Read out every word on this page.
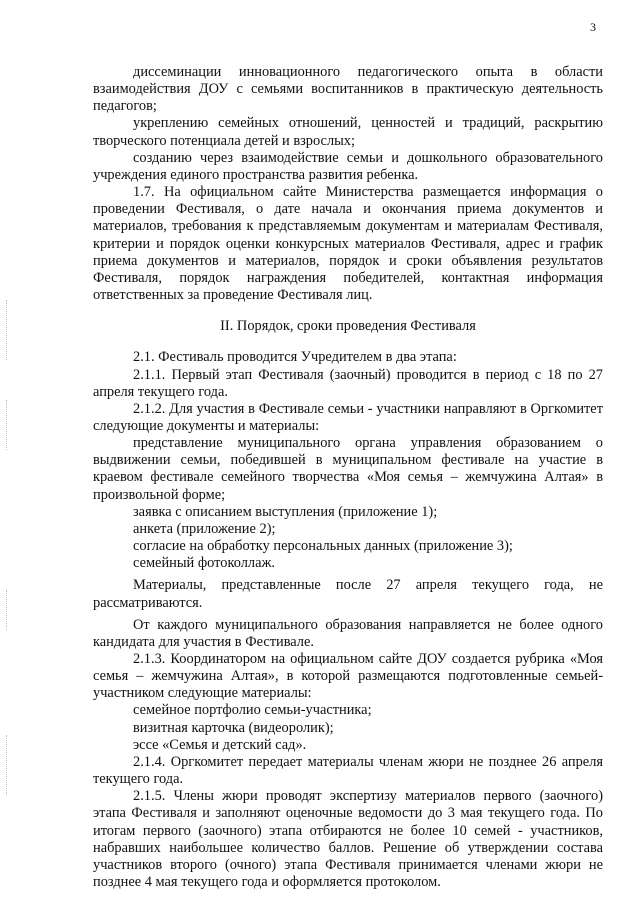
3

диссеминации инновационного педагогического опыта в области взаимодействия ДОУ с семьями воспитанников в практическую деятельность педагогов;

укреплению семейных отношений, ценностей и традиций, раскрытию творческого потенциала детей и взрослых;

созданию через взаимодействие семьи и дошкольного образовательного учреждения единого пространства развития ребенка.

1.7. На официальном сайте Министерства размещается информация о проведении Фестиваля, о дате начала и окончания приема документов и материалов, требования к представляемым документам и материалам Фестиваля, критерии и порядок оценки конкурсных материалов Фестиваля, адрес и график приема документов и материалов, порядок и сроки объявления результатов Фестиваля, порядок награждения победителей, контактная информация ответственных за проведение Фестиваля лиц.

II. Порядок, сроки проведения Фестиваля

2.1. Фестиваль проводится Учредителем в два этапа:

2.1.1. Первый этап Фестиваля (заочный) проводится в период с 18 по 27 апреля текущего года.

2.1.2. Для участия в Фестивале семьи - участники направляют в Оргкомитет следующие документы и материалы:

представление муниципального органа управления образованием о выдвижении семьи, победившей в муниципальном фестивале на участие в краевом фестивале семейного творчества «Моя семья – жемчужина Алтая» в произвольной форме;

заявка с описанием выступления (приложение 1);

анкета (приложение 2);

согласие на обработку персональных данных (приложение 3);

семейный фотоколлаж.

Материалы, представленные после 27 апреля текущего года, не рассматриваются.

От каждого муниципального образования направляется не более одного кандидата для участия в Фестивале.

2.1.3. Координатором на официальном сайте ДОУ создается рубрика «Моя семья – жемчужина Алтая», в которой размещаются подготовленные семьей-участником следующие материалы:

семейное портфолио семьи-участника;

визитная карточка (видеоролик);

эссе «Семья и детский сад».

2.1.4. Оргкомитет передает материалы членам жюри не позднее 26 апреля текущего года.

2.1.5. Члены жюри проводят экспертизу материалов первого (заочного) этапа Фестиваля и заполняют оценочные ведомости до 3 мая текущего года. По итогам первого (заочного) этапа отбираются не более 10 семей - участников, набравших наибольшее количество баллов. Решение об утверждении состава участников второго (очного) этапа Фестиваля принимается членами жюри не позднее 4 мая текущего года и оформляется протоколом.
